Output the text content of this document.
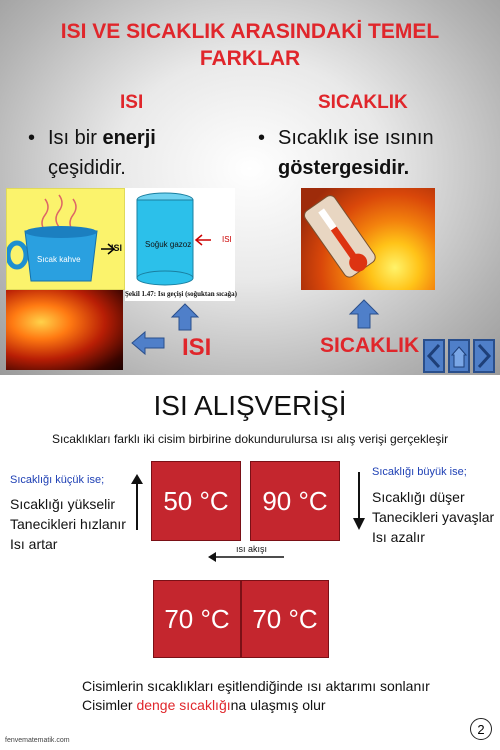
ISI VE SICAKLIK ARASINDAKİ TEMEL
FARKLAR
ISI	SICAKLIK
• Isı bir enerji
çeşididir.
• Sıcaklık ise ısının
göstergesidir.
Sıcak kahve
ISI	Soğuk gazoz
ISI
Şekil 1.47: Isı geçişi (soğuktan sıcağa)
ISI	SICAKLIK
ISI ALIŞVERİŞİ
Sıcaklıkları farklı iki cisim birbirine dokundurulursa ısı alış verişi gerçekleşir
Sıcaklığı küçük ise;
Sıcaklığı yükselir
Tanecikleri hızlanır
Isı artar
Sıcaklığı büyük ise;
Sıcaklığı düşer
Tanecikleri yavaşlar
Isı azalır
50 °C	90 °C
ısı akışı
70 °C 70 °C
Cisimlerin sıcaklıkları eşitlendiğinde ısı aktarımı sonlanır
Cisimler denge sıcaklığına ulaşmış olur
fenvematematik.com
2
